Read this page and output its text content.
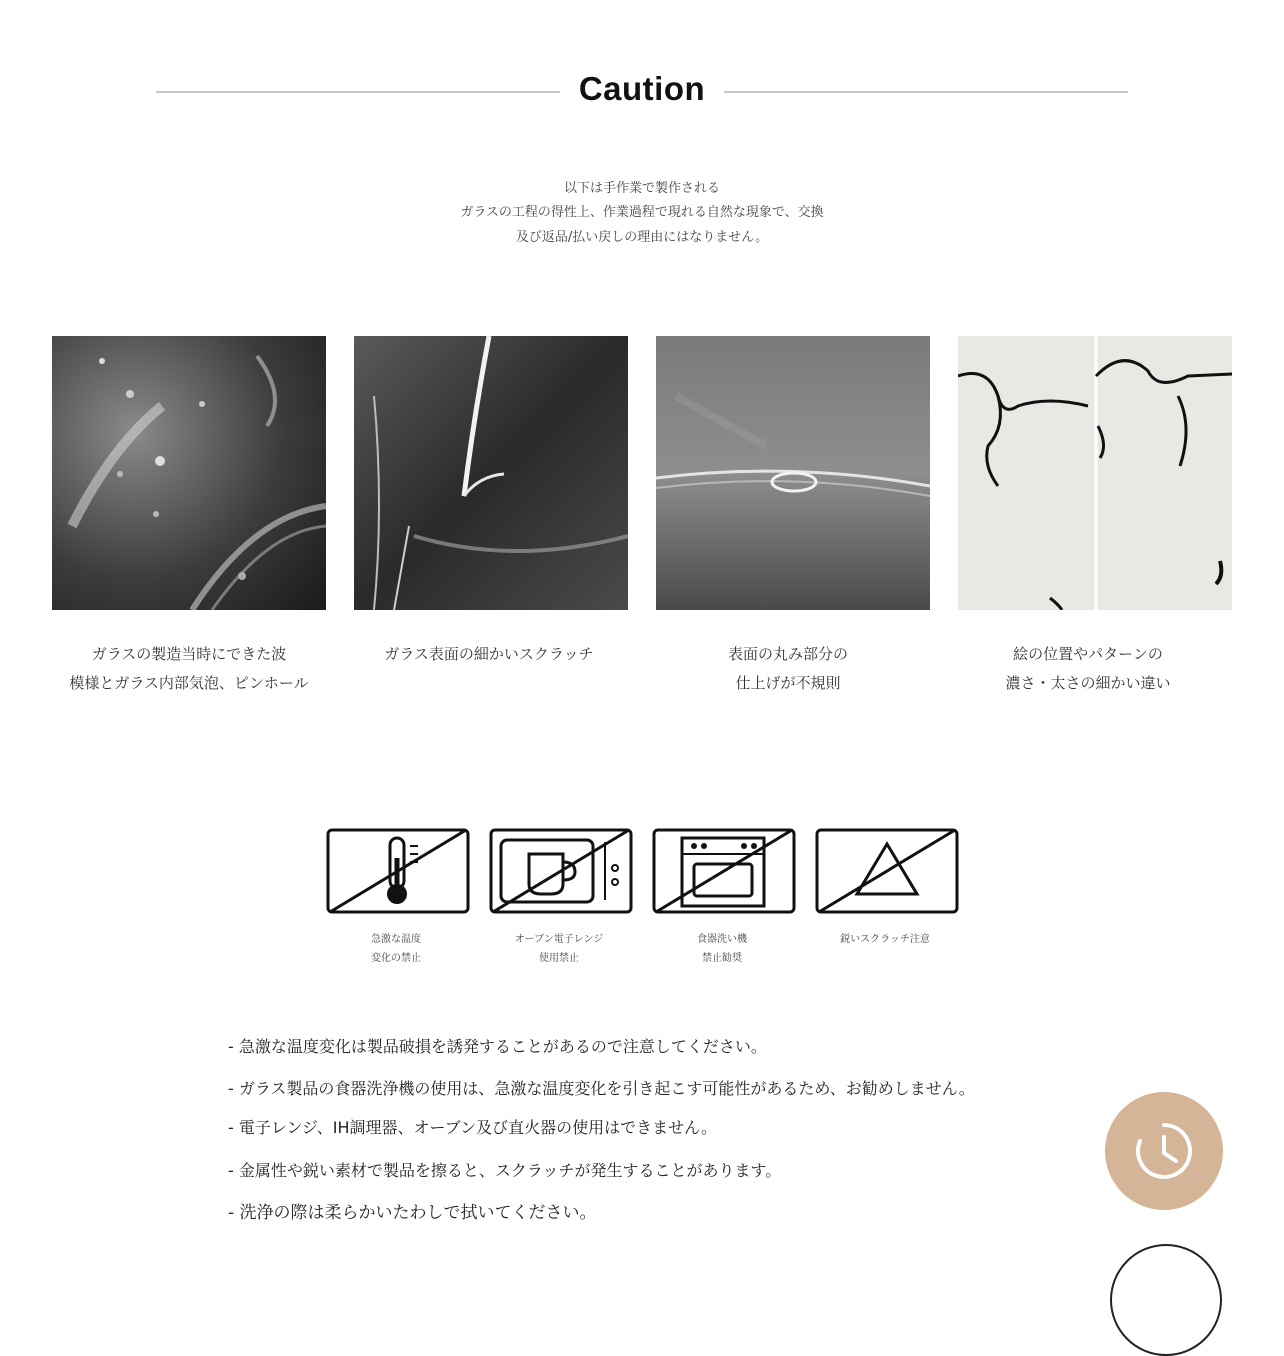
Caution
以下は手作業で製作される
ガラスの工程の得性上、作業過程で現れる自然な現象で、交換
及び返品/払い戻しの理由にはなりません。
ガラスの製造当時にできた波
模様とガラス内部気泡、ピンホール
ガラス表面の細かいスクラッチ	表面の丸み部分の
仕上げが不規則
絵の位置やパターンの
濃さ・太さの細かい違い
急激な温度
変化の禁止
オーブン電子レンジ
使用禁止
食器洗い機
禁止勧奨
鋭いスクラッチ注意
- 急激な温度変化は製品破損を誘発することがあるので注意してください。
- ガラス製品の食器洗浄機の使用は、急激な温度変化を引き起こす可能性があるため、お勧めしません。
- 電子レンジ、IH調理器、オーブン及び直火器の使用はできません。
- 金属性や鋭い素材で製品を擦ると、スクラッチが発生することがあります。
- 洗浄の際は柔らかいたわしで拭いてください。
